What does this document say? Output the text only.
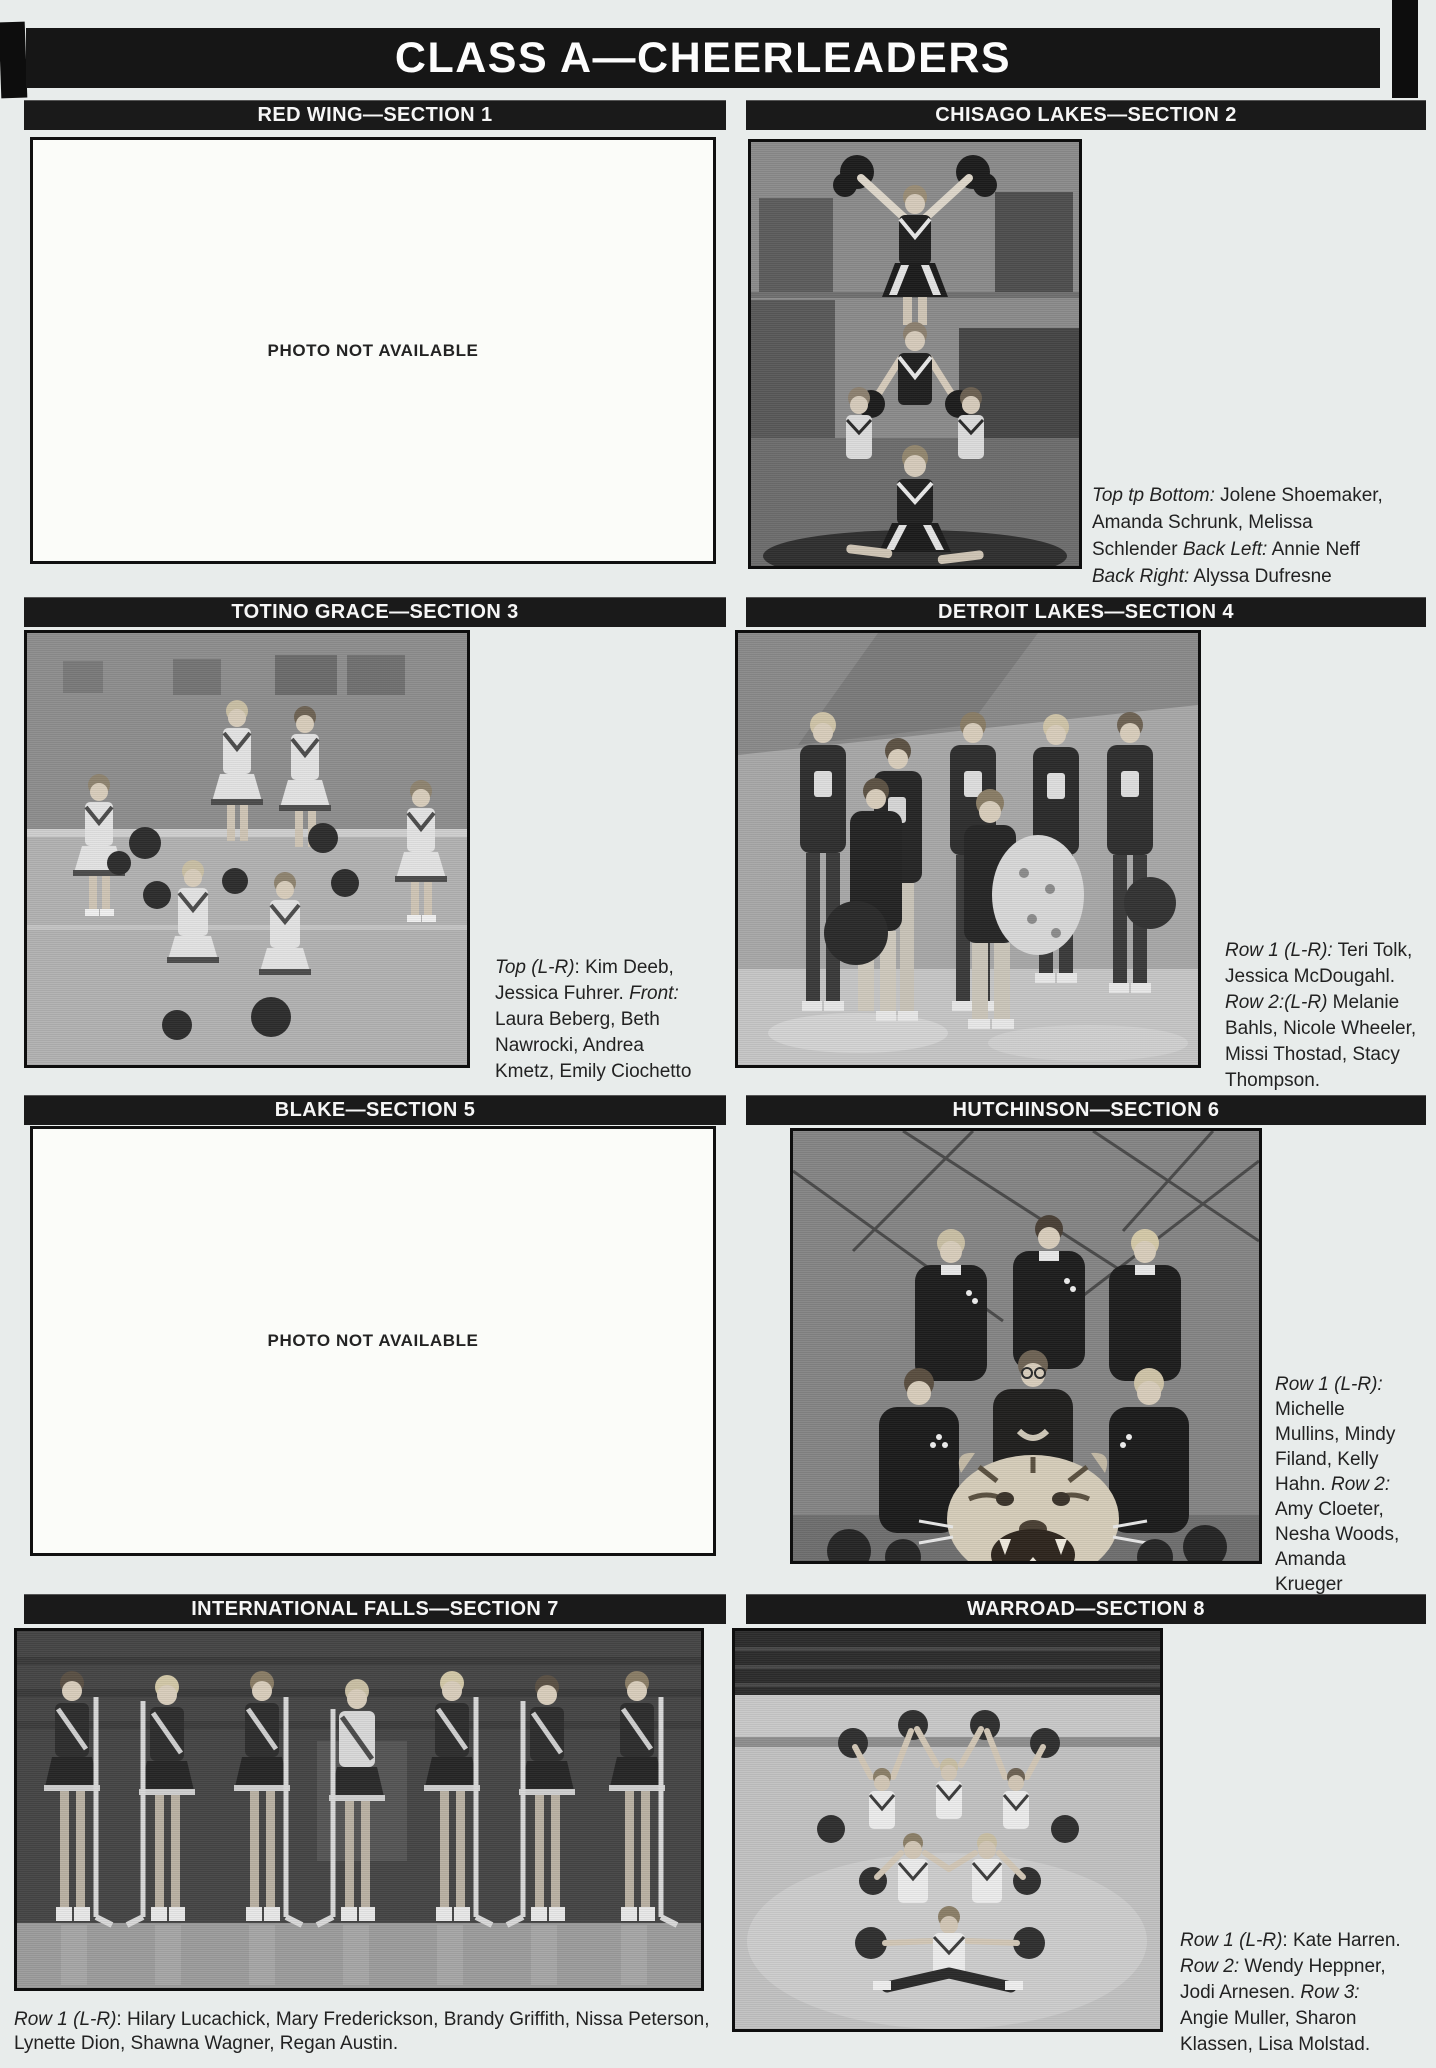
CLASS A—CHEERLEADERS
RED WING—SECTION 1	CHISAGO LAKES—SECTION 2
TOTINO GRACE—SECTION 3	DETROIT LAKES—SECTION 4
BLAKE—SECTION 5	HUTCHINSON—SECTION 6
INTERNATIONAL FALLS—SECTION 7	WARROAD—SECTION 8
PHOTO NOT AVAILABLE
PHOTO NOT AVAILABLE
Top tp Bottom: Jolene Shoemaker,
Amanda Schrunk, Melissa
Schlender Back Left: Annie Neff
Back Right: Alyssa Dufresne
Top (L-R): Kim Deeb,
Jessica Fuhrer. Front:
Laura Beberg, Beth
Nawrocki, Andrea
Kmetz, Emily Ciochetto
Row 1 (L-R): Teri Tolk,
Jessica McDougahl.
Row 2:(L-R) Melanie
Bahls, Nicole Wheeler,
Missi Thostad, Stacy
Thompson.
Row 1 (L-R):
Michelle
Mullins, Mindy
Filand, Kelly
Hahn. Row 2:
Amy Cloeter,
Nesha Woods,
Amanda
Krueger
Row 1 (L-R): Hilary Lucachick, Mary Frederickson, Brandy Griffith, Nissa Peterson,
Lynette Dion, Shawna Wagner, Regan Austin.
Row 1 (L-R): Kate Harren.
Row 2: Wendy Heppner,
Jodi Arnesen. Row 3:
Angie Muller, Sharon
Klassen, Lisa Molstad.
